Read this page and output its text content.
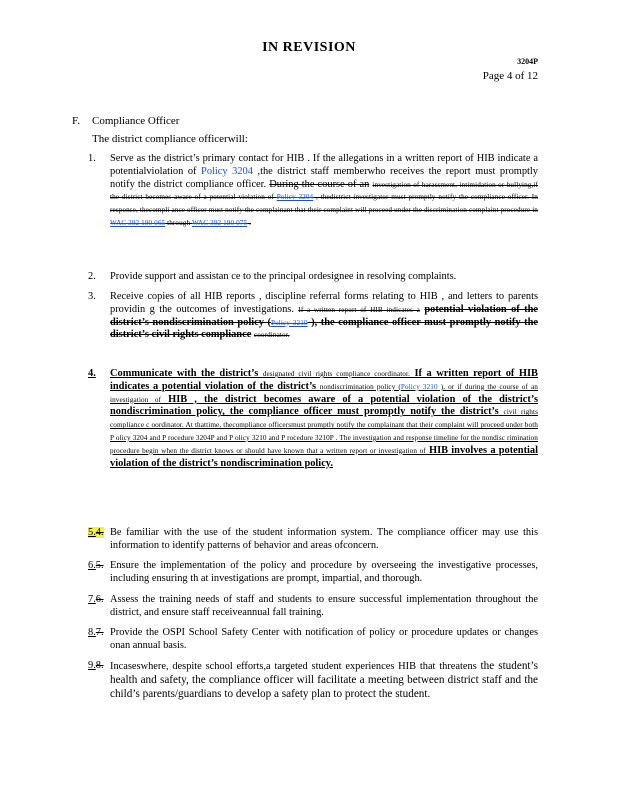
IN REVISION
3204P
Page 4 of 12
F. Compliance Officer
The district compliance officerwill:
1.	Serve as the district’s primary contact for HIB . If the allegations in a written report of HIB indicate a potentialviolation of Policy 3204 ,the district staff memberwho receives the report must promptly notify the district compliance officer. During the course of an investigation of harassment, intimidation or bullying,if the district becomes aware of a potential violation of Policy 3204 , thedistrict investigator must promptly notify the compliance officer. In response, thecompli ance officer must notify the complainant that their complaint will proceed under the discrimination complaint procedure in WAC 392 190 065 through WAC 392 190 075 .
2.	Provide support and assistan ce to the principal ordesignee in resolving complaints.
3.	Receive copies of all HIB reports , discipline referral forms relating to HIB , and letters to parents providin g the outcomes of investigations. If a written report of HIB indicates a potential violation of the district’s nondiscrimination policy (Policy 3210 ), the compliance officer must promptly notify the district’s civil rights compliance coordinator.
4.	Communicate with the district’s designated civil rights compliance coordinator. If a written report of HIB indicates a potential violation of the district’s nondiscrimination policy (Policy 3210 ), or if during the course of an investigation of HIB , the district becomes aware of a potential violation of the district’s nondiscrimination policy, the compliance officer must promptly notify the district’s civil rights compliance c oordinator. At thattime, thecompliance officersmust promptly notify the complainant that their complaint will proceed under both P olicy 3204 and P rocedure 3204P and P olicy 3210 and P rocedure 3210P . The investigation and response timeline for the nondisc rimination procedure begin when the district knows or should have known that a written report or investigation of HIB involves a potential violation of the district’s nondiscrimination policy.
5.4. Be familiar with the use of the student information system. The compliance officer may use this information to identify patterns of behavior and areas ofconcern.
6.5. Ensure the implementation of the policy and procedure by overseeing the investigative processes, including ensuring th at investigations are prompt, impartial, and thorough.
7.6. Assess the training needs of staff and students to ensure successful implementation throughout the district, and ensure staff receiveannual fall training.
8.7. Provide the OSPI School Safety Center with notification of policy or procedure updates or changes onan annual basis.
9.8. Incaseswhere, despite school efforts,a targeted student experiences HIB that threatens the student’s health and safety, the compliance officer will facilitate a meeting between district staff and the child’s parents/guardians to develop a safety plan to protect the student.
